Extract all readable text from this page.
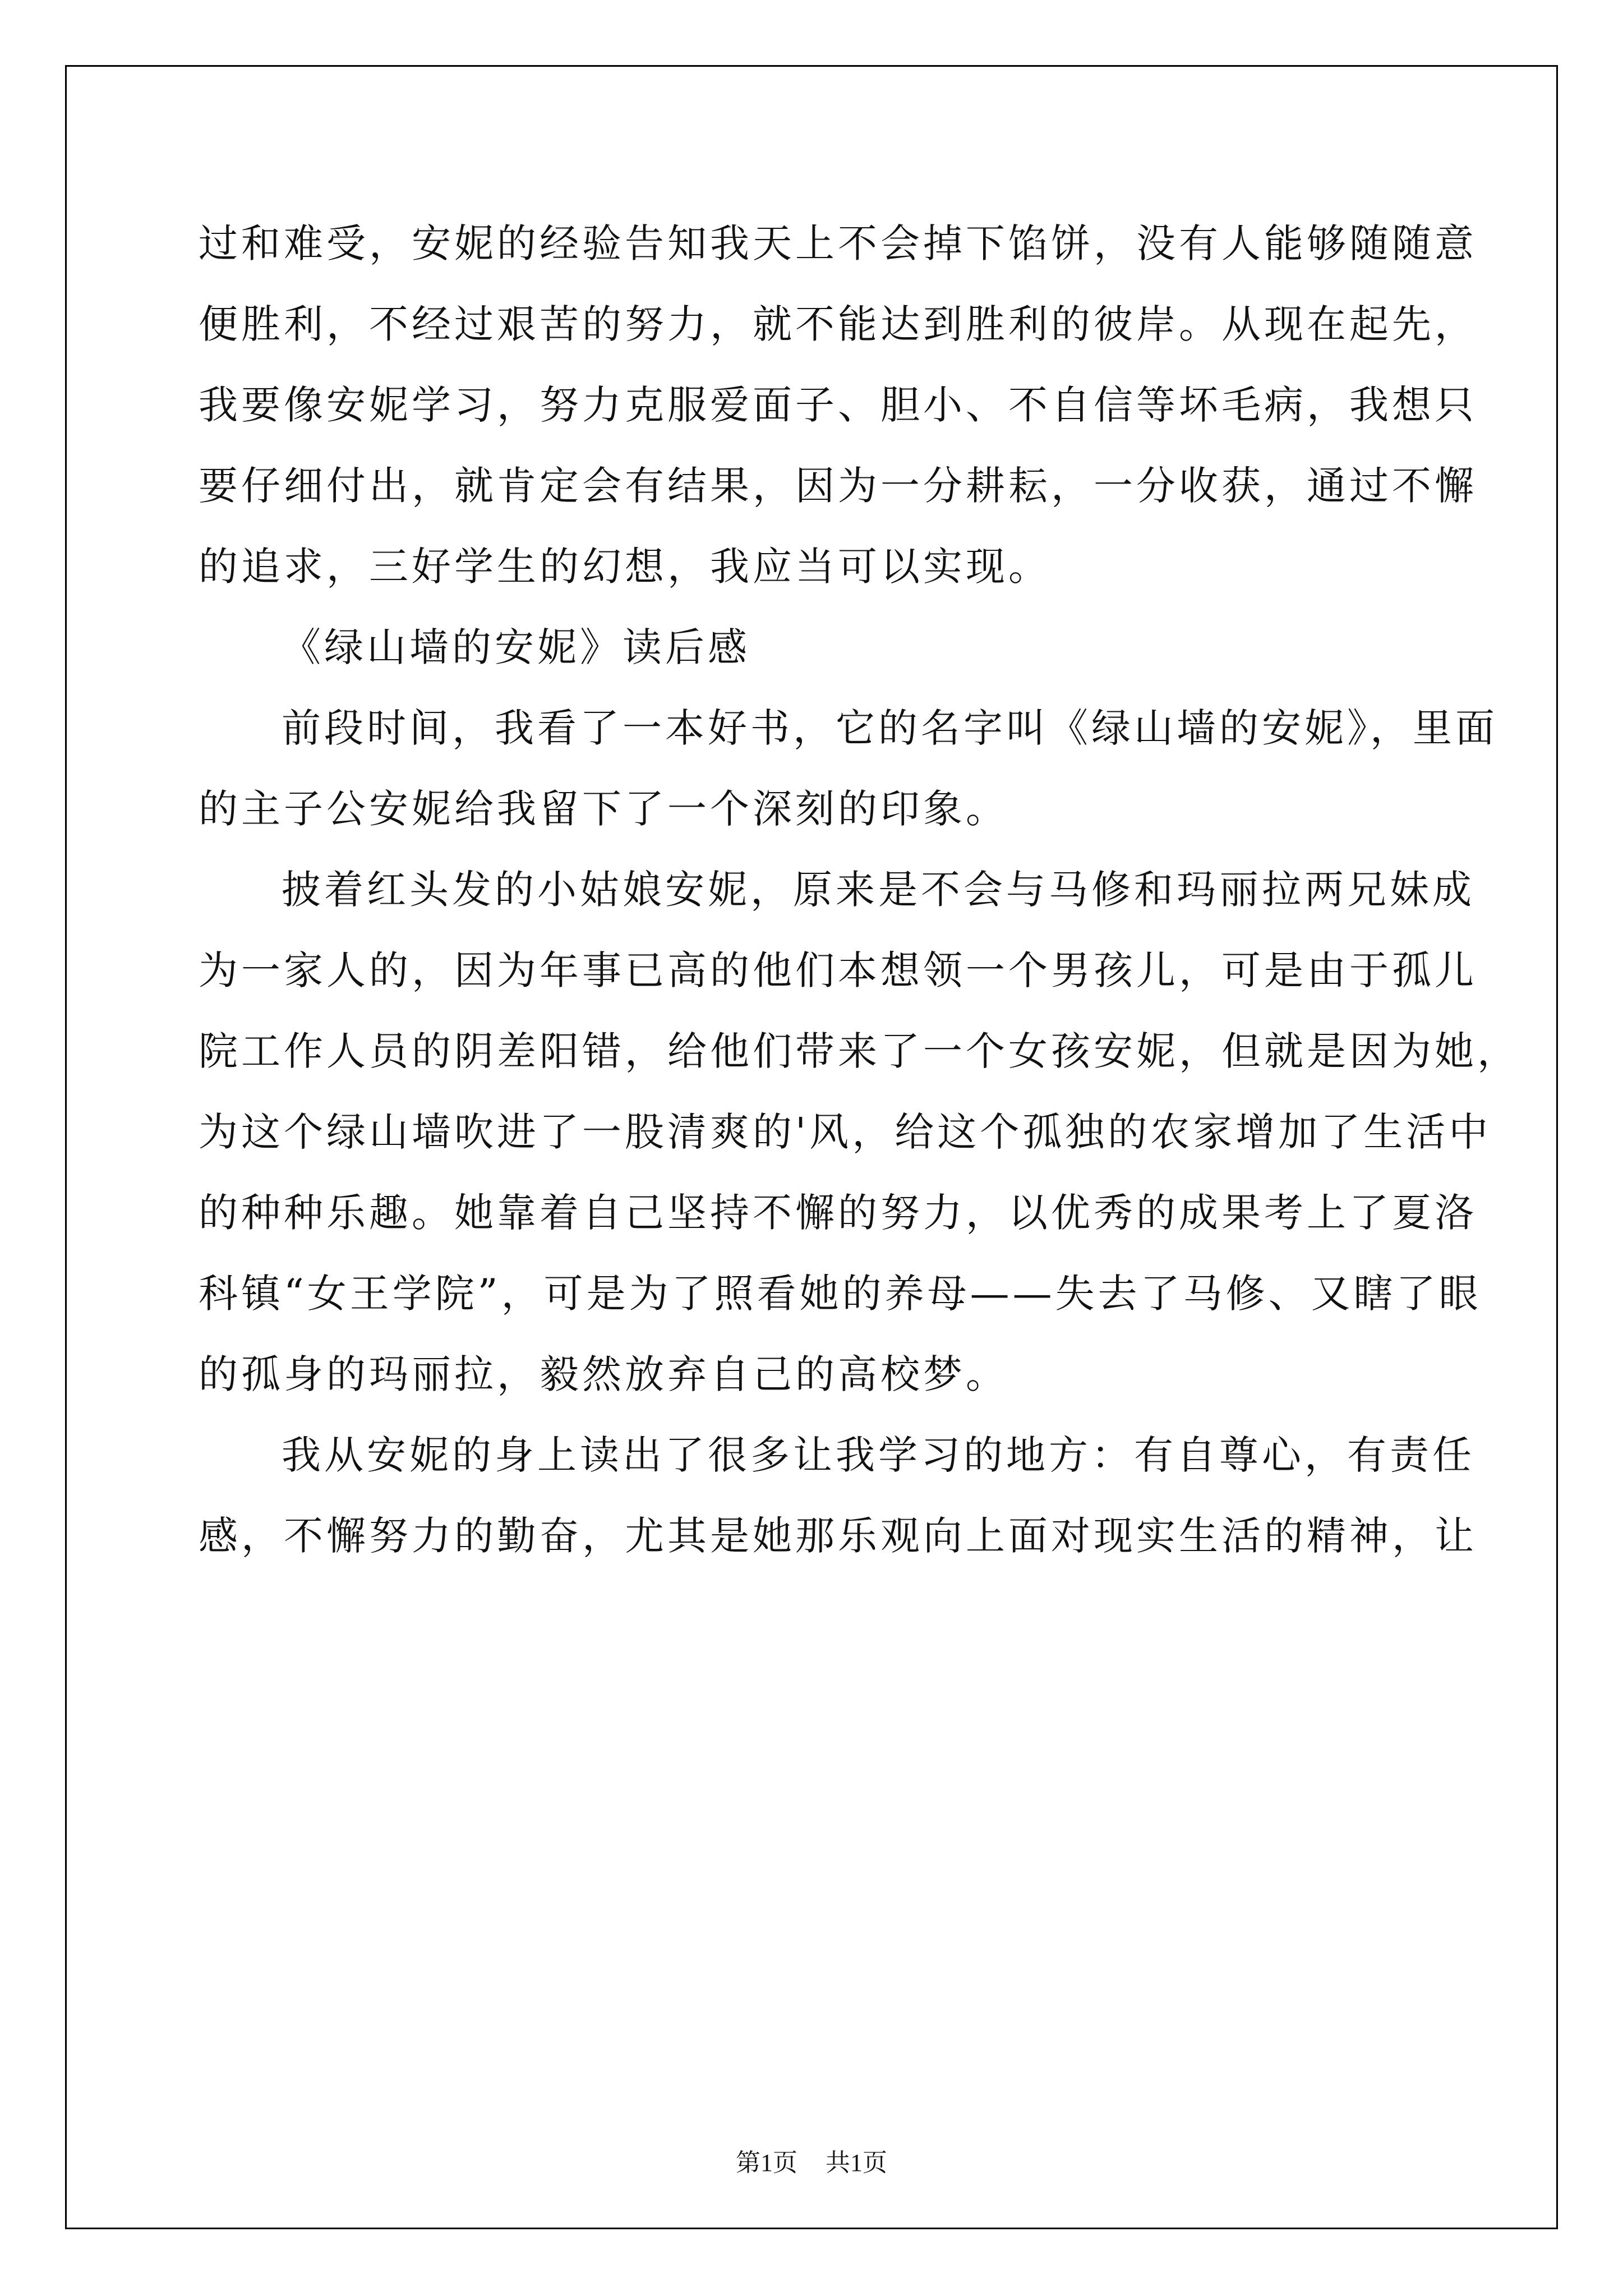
过和难受，安妮的经验告知我天上不会掉下馅饼，没有人能够随随意
便胜利，不经过艰苦的努力，就不能达到胜利的彼岸。从现在起先，
我要像安妮学习，努力克服爱面子、胆小、不自信等坏毛病，我想只
要仔细付出，就肯定会有结果，因为一分耕耘，一分收获，通过不懈
的追求，三好学生的幻想，我应当可以实现。
《绿山墙的安妮》读后感
前段时间，我看了一本好书，它的名字叫《绿山墙的安妮》，里面
的主子公安妮给我留下了一个深刻的印象。
披着红头发的小姑娘安妮，原来是不会与马修和玛丽拉两兄妹成
为一家人的，因为年事已高的他们本想领一个男孩儿，可是由于孤儿
院工作人员的阴差阳错，给他们带来了一个女孩安妮，但就是因为她，
为这个绿山墙吹进了一股清爽的'风，给这个孤独的农家增加了生活中
的种种乐趣。她靠着自己坚持不懈的努力，以优秀的成果考上了夏洛
科镇“女王学院”，可是为了照看她的养母——失去了马修、又瞎了眼
的孤身的玛丽拉，毅然放弃自己的高校梦。
我从安妮的身上读出了很多让我学习的地方：有自尊心，有责任
感，不懈努力的勤奋，尤其是她那乐观向上面对现实生活的精神，让
第1页 共1页
